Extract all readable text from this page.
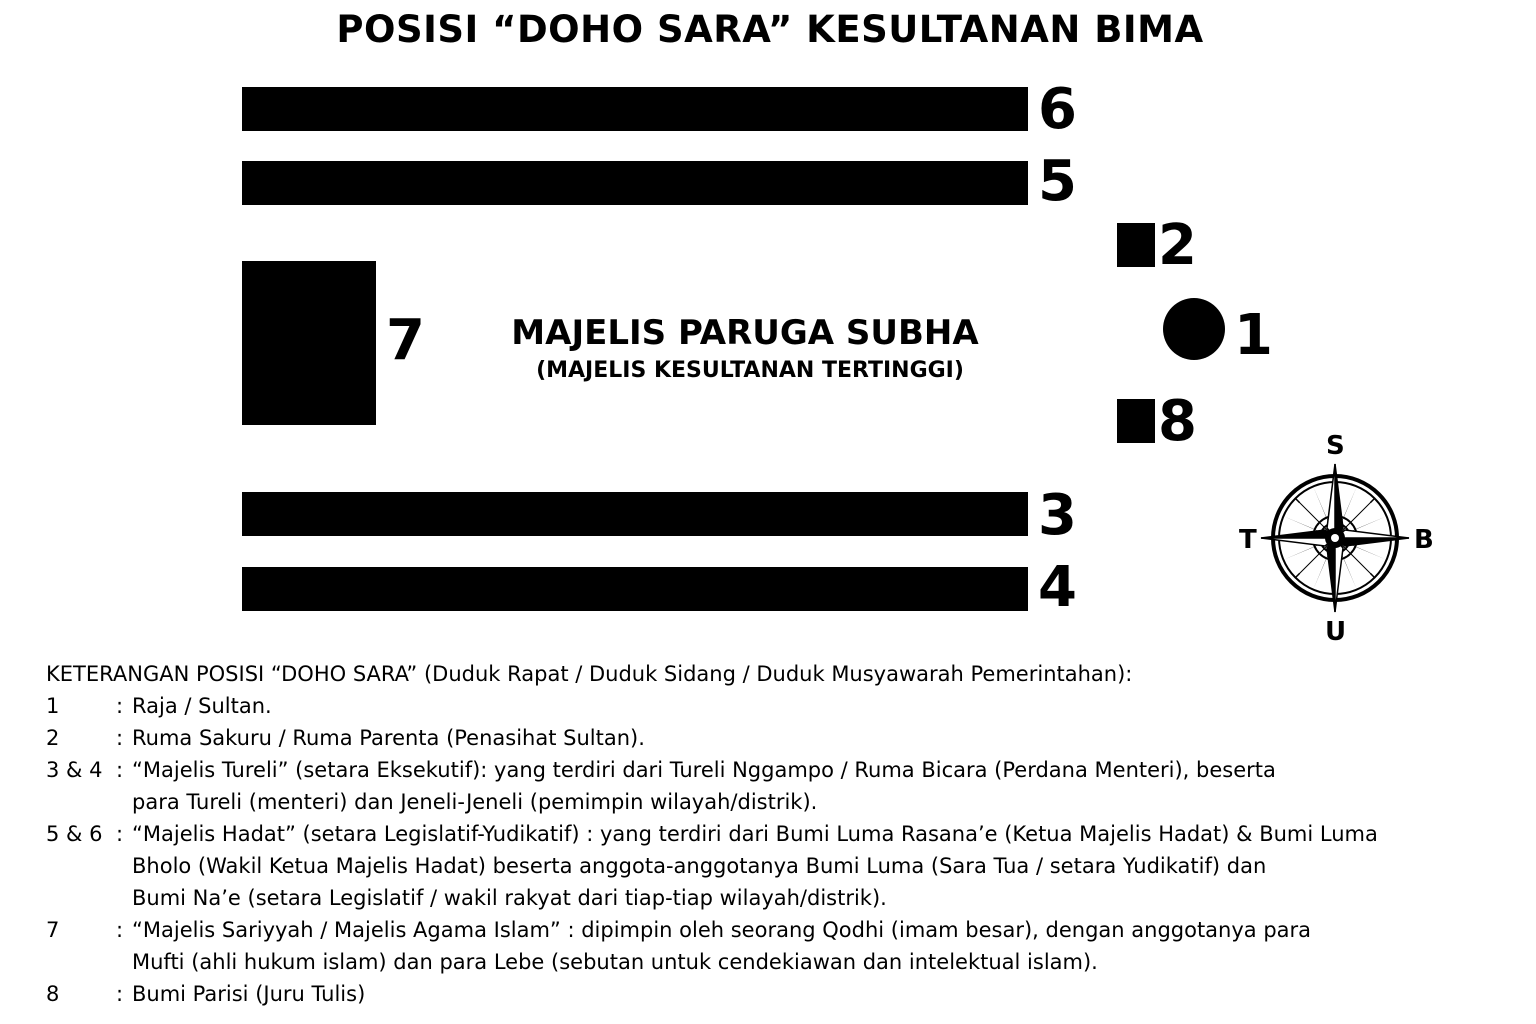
POSISI “DOHO SARA” KESULTANAN BIMA
6
5
2
7	1
8
3
4
MAJELIS PARUGA SUBHA
(MAJELIS KESULTANAN TERTINGGI)
S
B
U
T
KETERANGAN POSISI “DOHO SARA” (Duduk Rapat / Duduk Sidang / Duduk Musyawarah Pemerintahan):
1	: Raja / Sultan.
2	: Ruma Sakuru / Ruma Parenta (Penasihat Sultan).
3 & 4 : “Majelis Tureli” (setara Eksekutif): yang terdiri dari Tureli Nggampo / Ruma Bicara (Perdana Menteri), beserta
para Tureli (menteri) dan Jeneli-Jeneli (pemimpin wilayah/distrik).
5 & 6 : “Majelis Hadat” (setara Legislatif-Yudikatif) : yang terdiri dari Bumi Luma Rasana’e (Ketua Majelis Hadat) & Bumi Luma
Bholo (Wakil Ketua Majelis Hadat) beserta anggota-anggotanya Bumi Luma (Sara Tua / setara Yudikatif) dan
Bumi Na’e (setara Legislatif / wakil rakyat dari tiap-tiap wilayah/distrik).
7	: “Majelis Sariyyah / Majelis Agama Islam” : dipimpin oleh seorang Qodhi (imam besar), dengan anggotanya para
Mufti (ahli hukum islam) dan para Lebe (sebutan untuk cendekiawan dan intelektual islam).
8	: Bumi Parisi (Juru Tulis)
